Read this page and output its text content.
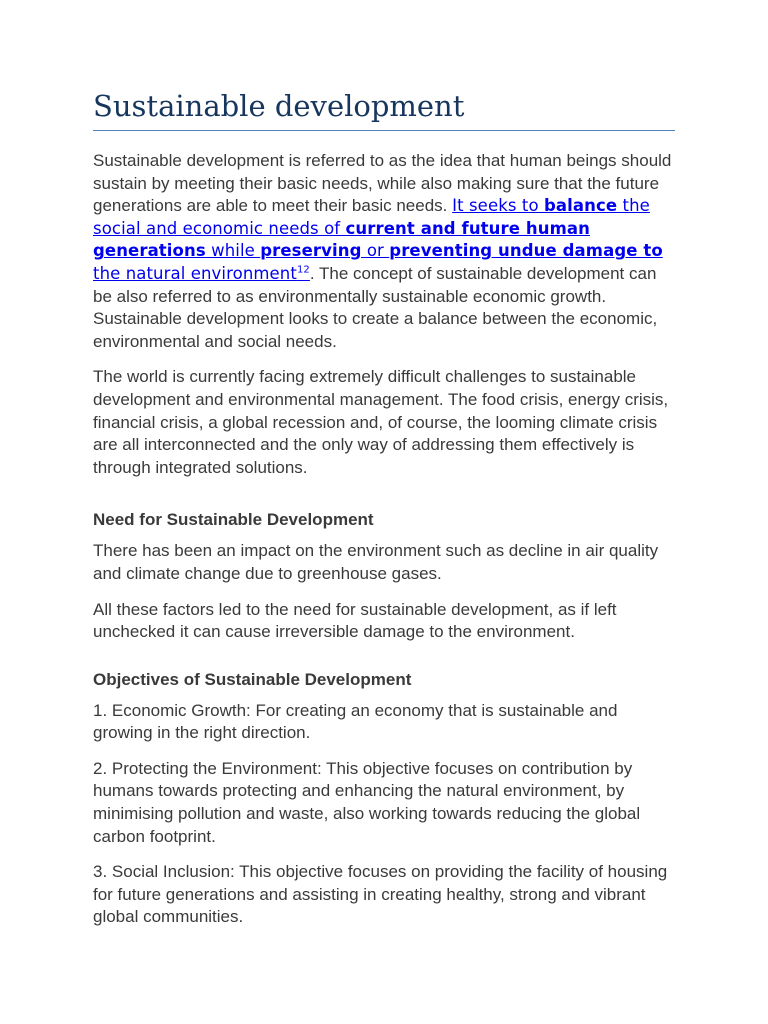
Sustainable development

Sustainable development is referred to as the idea that human beings should sustain by meeting their basic needs, while also making sure that the future generations are able to meet their basic needs. It seeks to balance the social and economic needs of current and future human generations while preserving or preventing undue damage to the natural environment$^{12}$. The concept of sustainable development can be also referred to as environmentally sustainable economic growth. Sustainable development looks to create a balance between the economic, environmental and social needs.

The world is currently facing extremely difficult challenges to sustainable development and environmental management. The food crisis, energy crisis, financial crisis, a global recession and, of course, the looming climate crisis are all interconnected and the only way of addressing them effectively is through integrated solutions.

Need for Sustainable Development

There has been an impact on the environment such as decline in air quality and climate change due to greenhouse gases.

All these factors led to the need for sustainable development, as if left unchecked it can cause irreversible damage to the environment.

Objectives of Sustainable Development

1. Economic Growth: For creating an economy that is sustainable and growing in the right direction.

2. Protecting the Environment: This objective focuses on contribution by humans towards protecting and enhancing the natural environment, by minimising pollution and waste, also working towards reducing the global carbon footprint.

3. Social Inclusion: This objective focuses on providing the facility of housing for future generations and assisting in creating healthy, strong and vibrant global communities.
